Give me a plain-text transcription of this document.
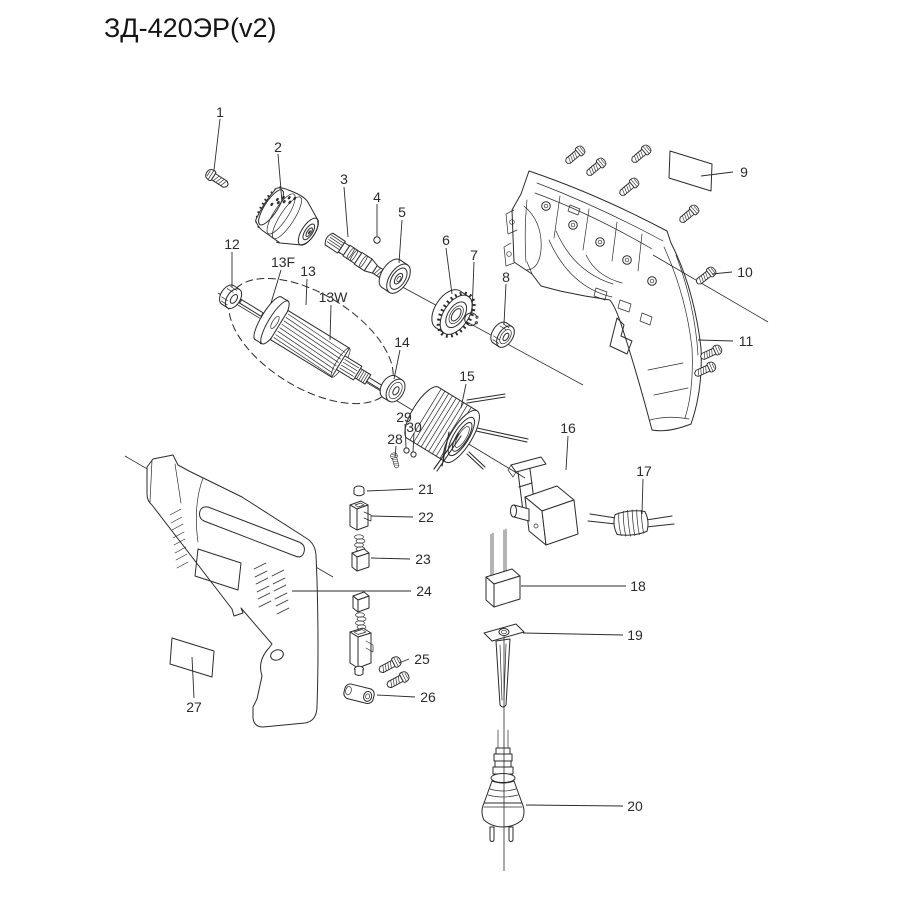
ЗД-420ЭР(v2)
1
2
3
4
5
6
7
8
9
10
11
12
13F
13
13W
14
15
16
17
18
19
20
21
22
23
24
25
26
27
28
29
30
